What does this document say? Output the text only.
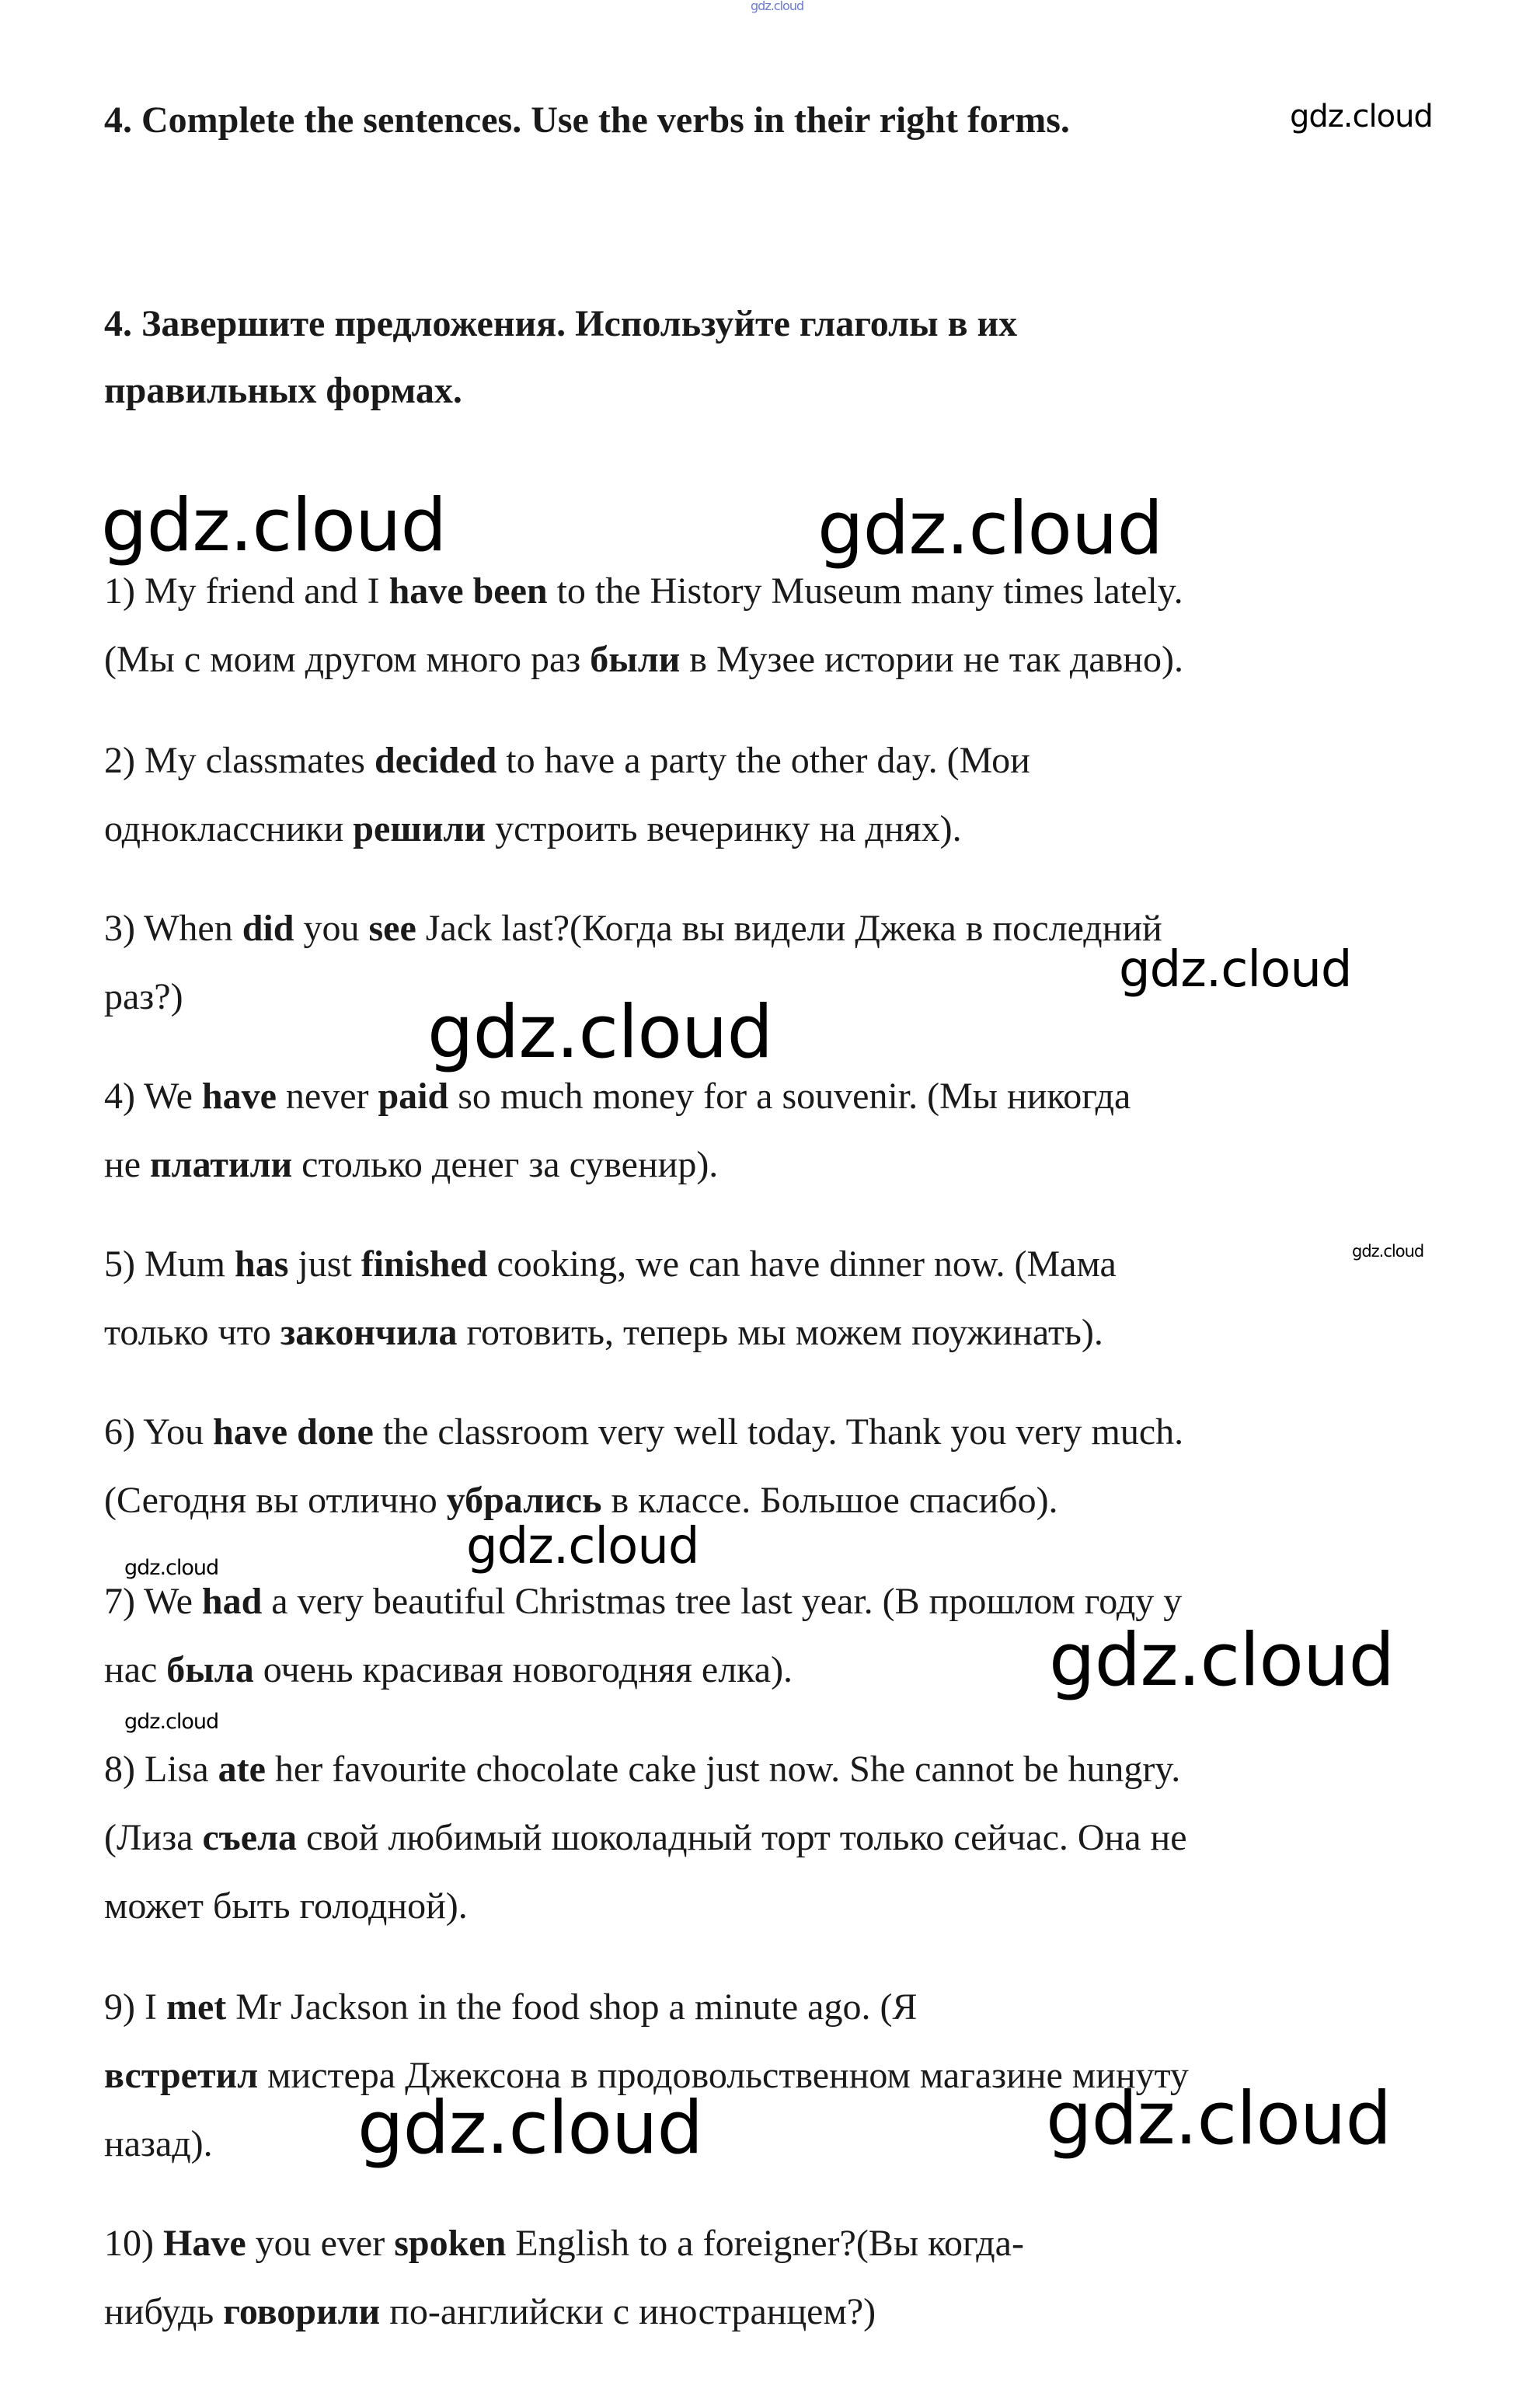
gdz.cloud
4. Complete the sentences. Use the verbs in their right forms.
4. Завершите предложения. Используйте глаголы в их
правильных формах.
1) My friend and I have been to the History Museum many times lately.
(Мы с моим другом много раз были в Музее истории не так давно).
2) My classmates decided to have a party the other day. (Мои
одноклассники решили устроить вечеринку на днях).
3) When did you see Jack last?(Когда вы видели Джека в последний
раз?)
4) We have never paid so much money for a souvenir. (Мы никогда
не платили столько денег за сувенир).
5) Mum has just finished cooking, we can have dinner now. (Мама
только что закончила готовить, теперь мы можем поужинать).
6) You have done the classroom very well today. Thank you very much.
(Сегодня вы отлично убрались в классе. Большое спасибо).
7) We had a very beautiful Christmas tree last year. (В прошлом году у
нас была очень красивая новогодняя елка).
8) Lisa ate her favourite chocolate cake just now. She cannot be hungry.
(Лиза съела свой любимый шоколадный торт только сейчас. Она не
может быть голодной).
9) I met Mr Jackson in the food shop a minute ago. (Я
встретил мистера Джексона в продовольственном магазине минуту
назад).
10) Have you ever spoken English to a foreigner?(Вы когда-
нибудь говорили по-английски с иностранцем?)
gdz.cloud
gdz.cloud	gdz.cloud
gdz.cloud
gdz.cloud
gdz.cloud
gdz.cloud
gdz.cloud
gdz.cloud
gdz.cloud
gdz.cloud	gdz.cloud
